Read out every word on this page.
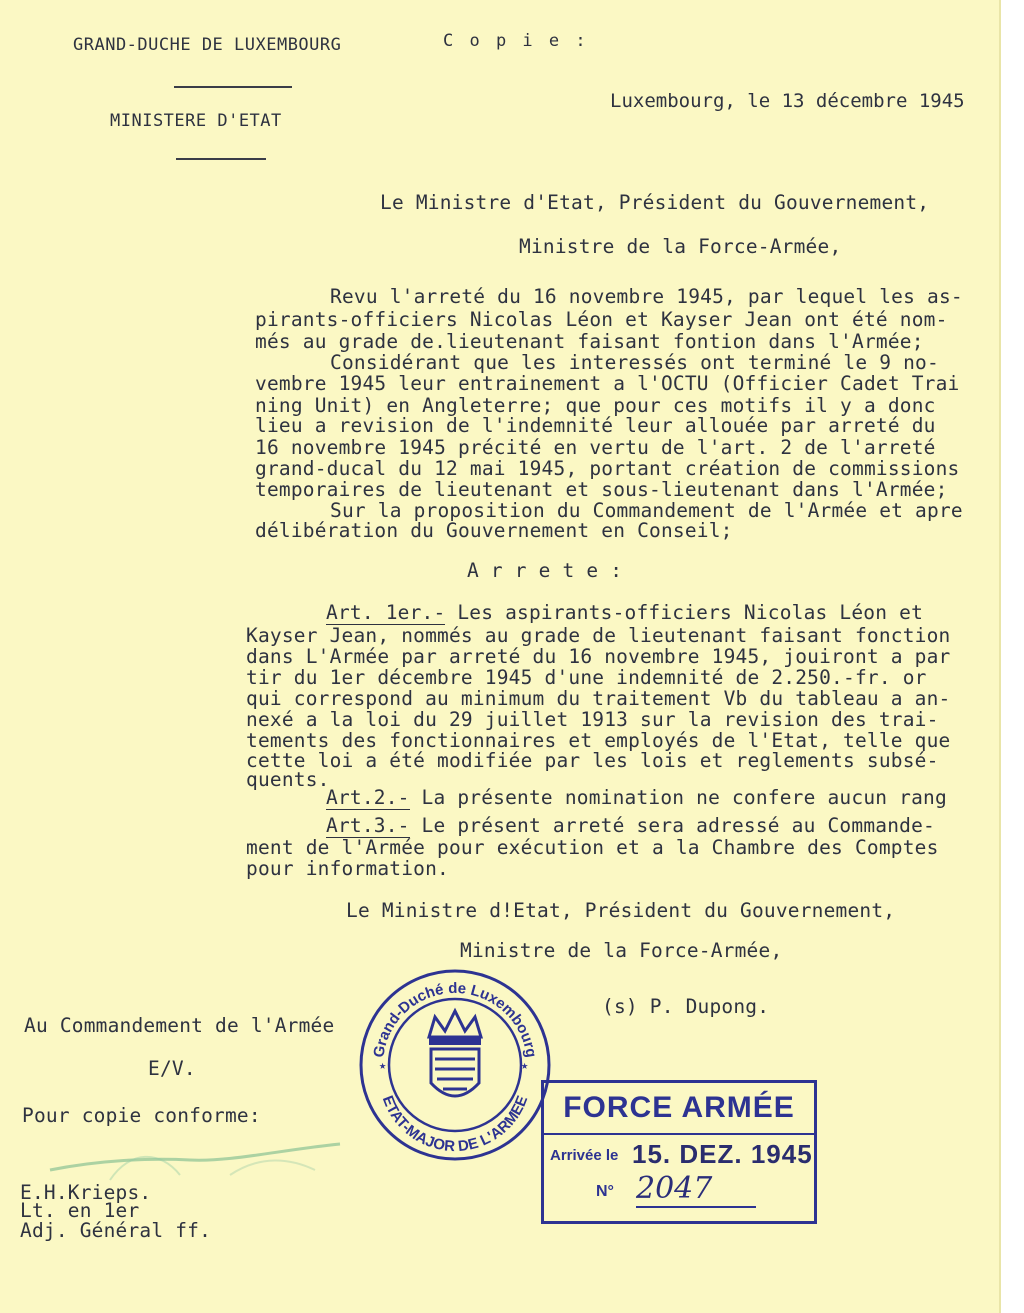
GRAND-DUCHE DE LUXEMBOURG	C o p i e :
MINISTERE D'ETAT
Luxembourg, le 13 décembre 1945
Le Ministre d'Etat, Président du Gouvernement,
Ministre de la Force-Armée,
Revu l'arreté du 16 novembre 1945, par lequel les as-
pirants-officiers Nicolas Léon et Kayser Jean ont été nom-
més au grade de.lieutenant faisant fontion dans l'Armée;
Considérant que les interessés ont terminé le 9 no-
vembre 1945 leur entrainement a l'OCTU (Officier Cadet Trai
ning Unit) en Angleterre; que pour ces motifs il y a donc
lieu a revision de l'indemnité leur allouée par arreté du
16 novembre 1945 précité en vertu de l'art. 2 de l'arreté
grand-ducal du 12 mai 1945, portant création de commissions
temporaires de lieutenant et sous-lieutenant dans l'Armée;
Sur la proposition du Commandement de l'Armée et apre
délibération du Gouvernement en Conseil;
A r r e t e :
Art. 1er.- Les aspirants-officiers Nicolas Léon et
Kayser Jean, nommés au grade de lieutenant faisant fonction
dans L'Armée par arreté du 16 novembre 1945, jouiront a par
tir du 1er décembre 1945 d'une indemnité de 2.250.-fr. or
qui correspond au minimum du traitement Vb du tableau a an-
nexé a la loi du 29 juillet 1913 sur la revision des trai-
tements des fonctionnaires et employés de l'Etat, telle que
cette loi a été modifiée par les lois et reglements subsé-
quents.
Art.2.- La présente nomination ne confere aucun rang
Art.3.- Le présent arreté sera adressé au Commande-
ment de l'Armée pour exécution et a la Chambre des Comptes
pour information.
Le Ministre d!Etat, Président du Gouvernement,
Ministre de la Force-Armée,
(s) P. Dupong.
Au Commandement de l'Armée
E/V.
Pour copie conforme:
E.H.Krieps.
Lt. en 1er
Adj. Général ff.
Grand-Duché de Luxembourg
ETAT-MAJOR DE L'ARMEE
★	★
FORCE ARMÉE
Arrivée le 15. DEZ. 1945
N° 2047
